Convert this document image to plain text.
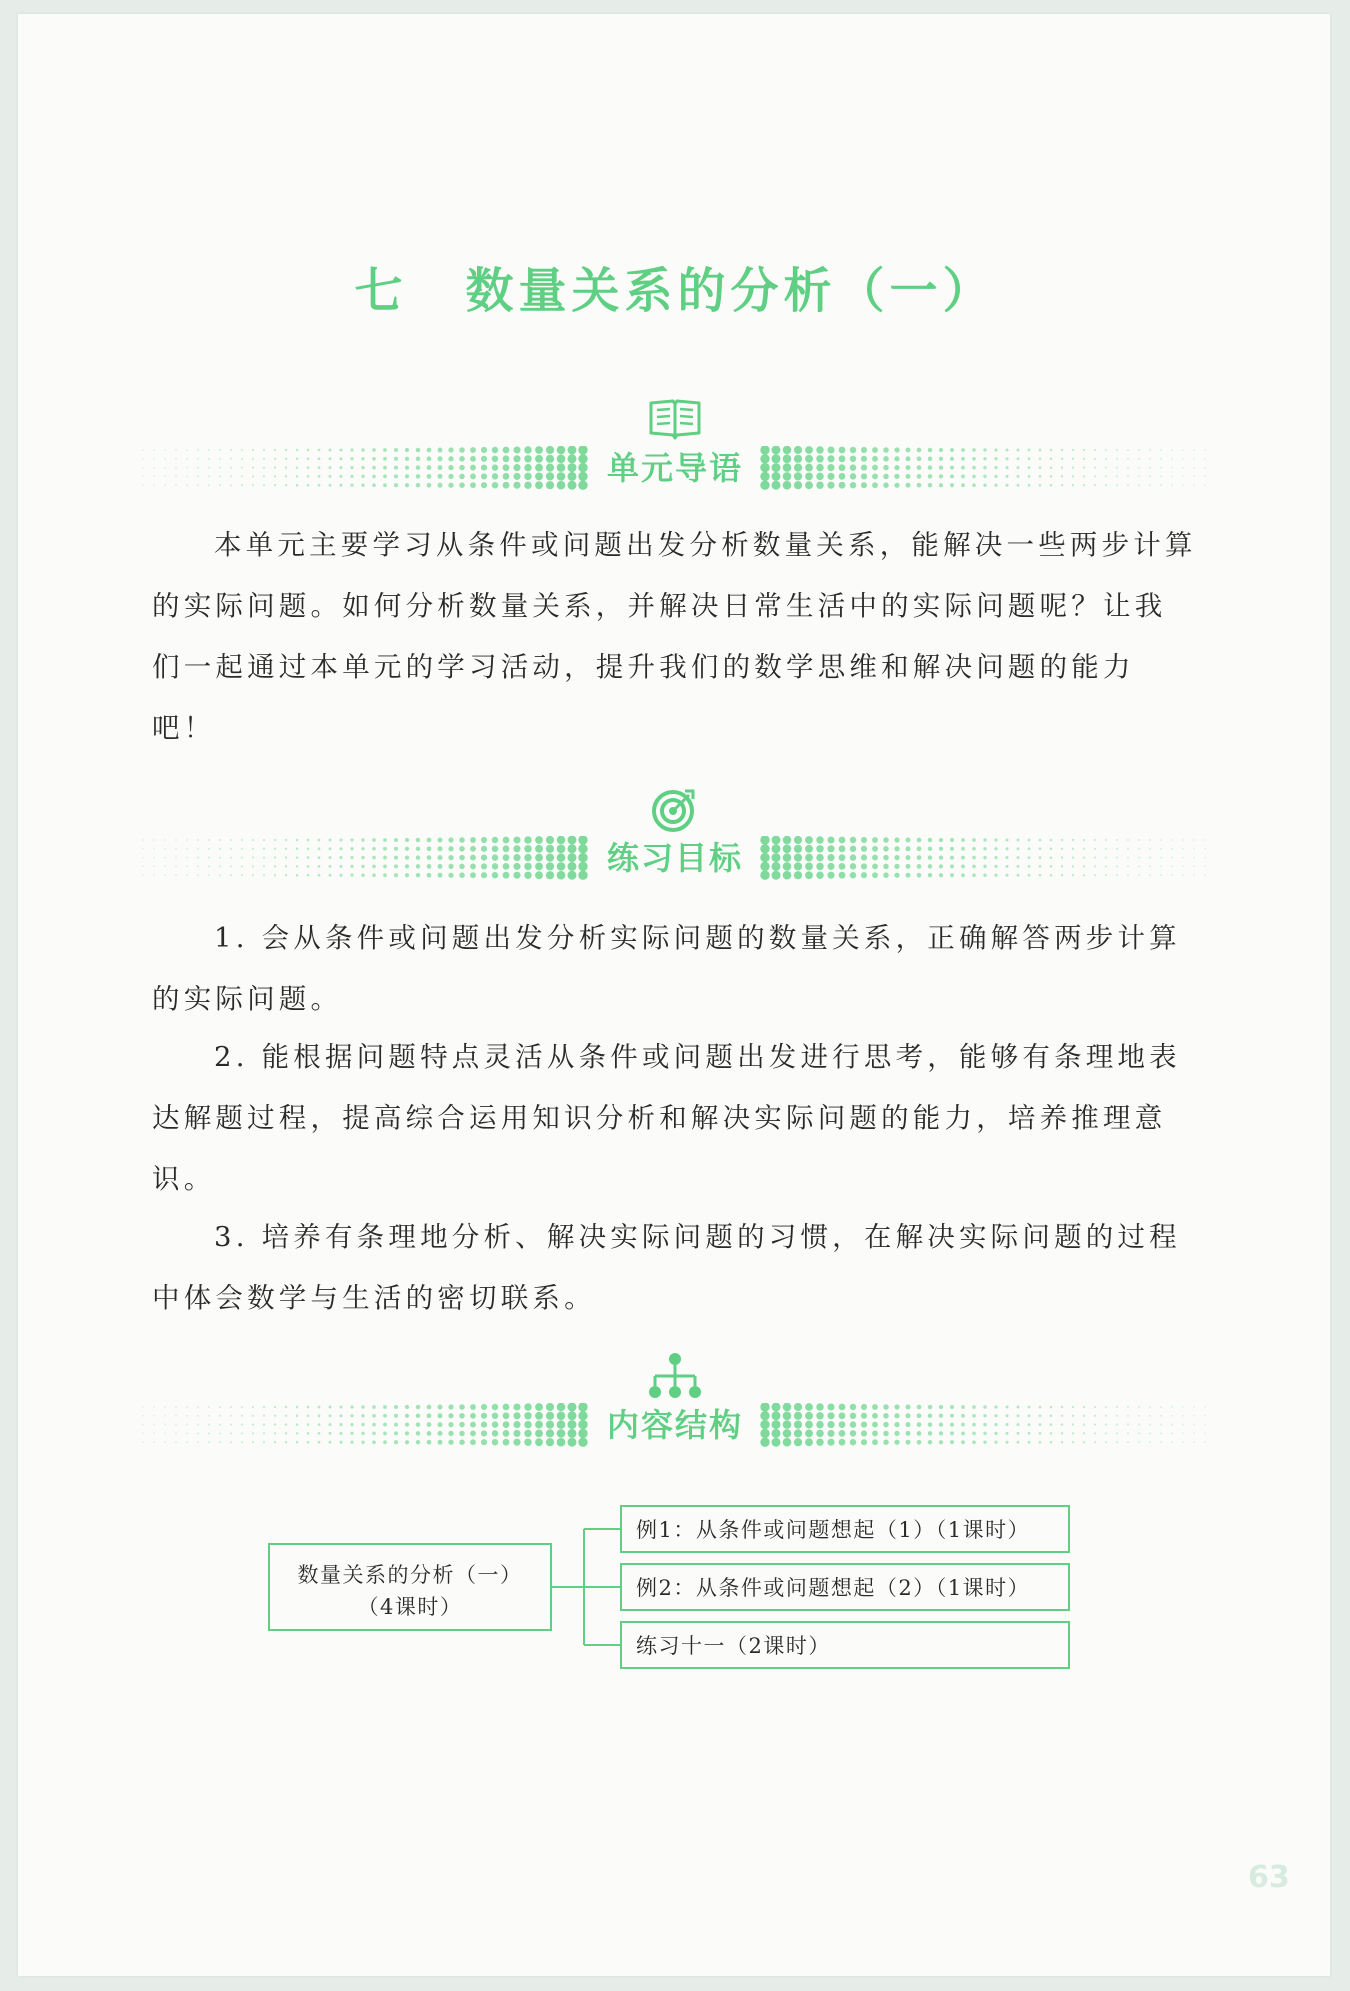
七 数量关系的分析（一）
单元导语

本单元主要学习从条件或问题出发分析数量关系，能解决一些两步计算的实际问题。如何分析数量关系，并解决日常生活中的实际问题呢？让我们一起通过本单元的学习活动，提升我们的数学思维和解决问题的能力吧！

练习目标

1. 会从条件或问题出发分析实际问题的数量关系，正确解答两步计算的实际问题。

2. 能根据问题特点灵活从条件或问题出发进行思考，能够有条理地表达解题过程，提高综合运用知识分析和解决实际问题的能力，培养推理意识。

3. 培养有条理地分析、解决实际问题的习惯，在解决实际问题的过程中体会数学与生活的密切联系。

内容结构
数量关系的分析（一）
（4课时）
例1：从条件或问题想起（1）（1课时）
例2：从条件或问题想起（2）（1课时）
练习十一（2课时）
63
